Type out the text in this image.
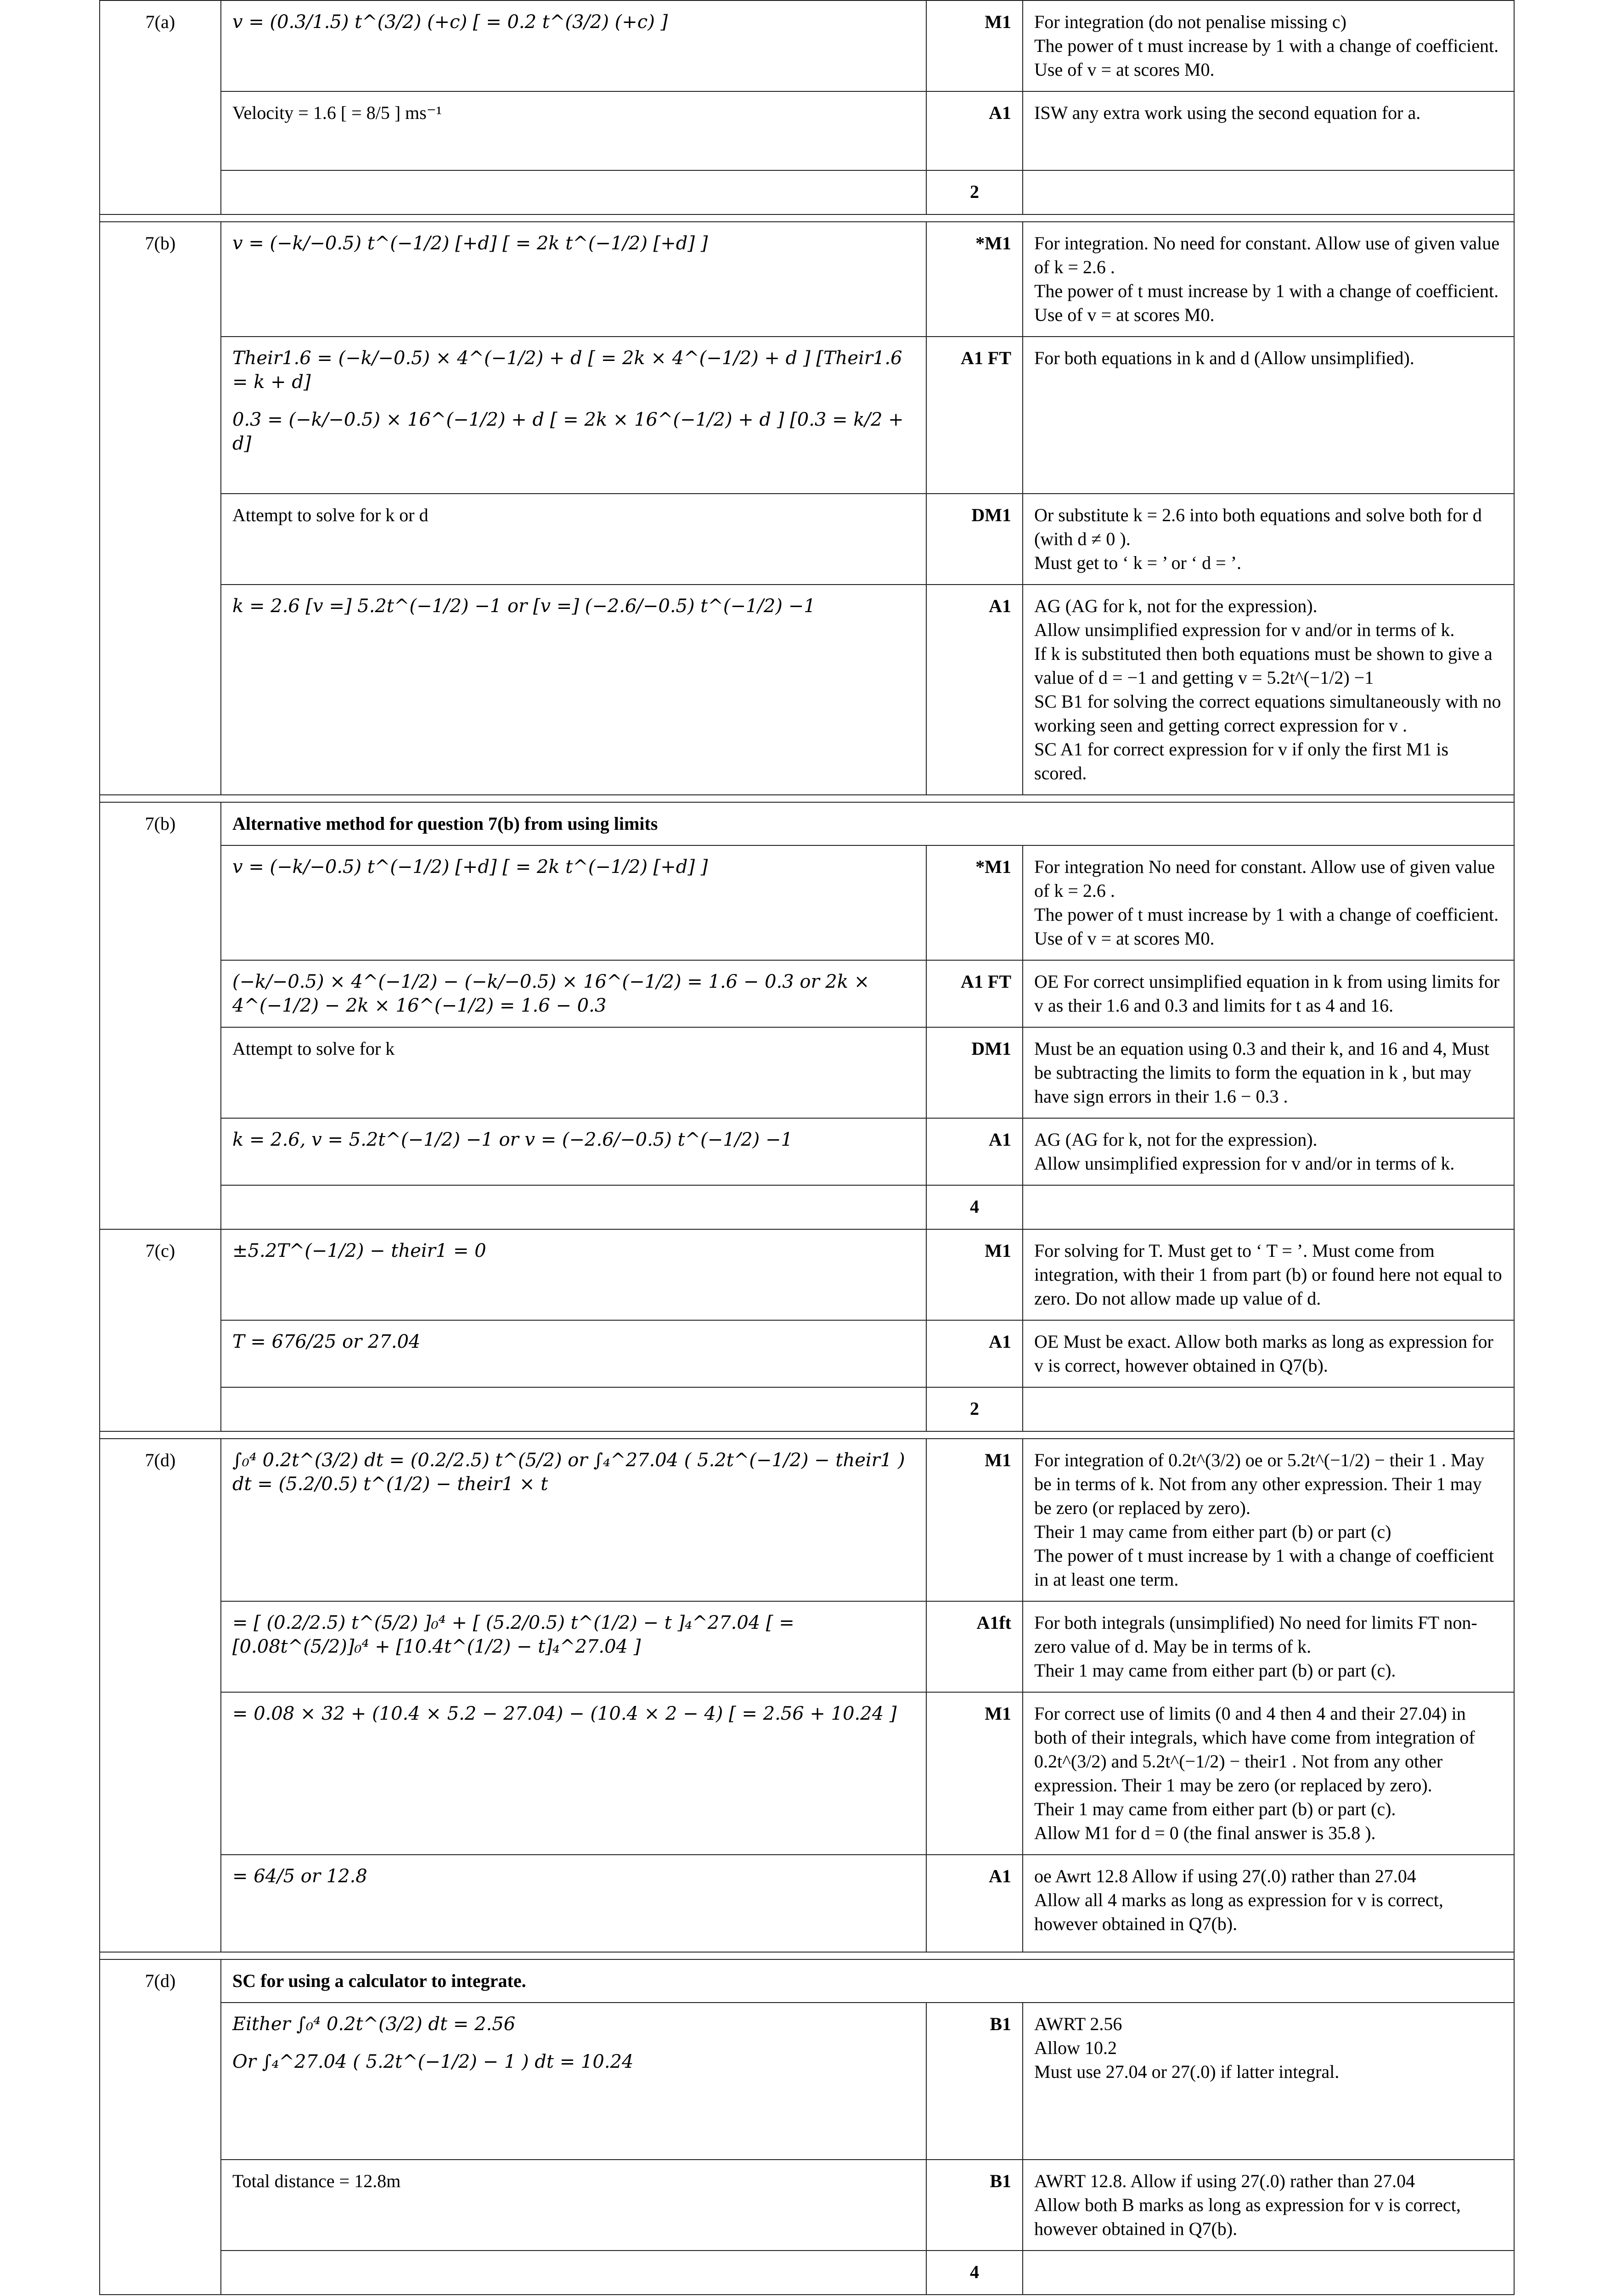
7(a)	v = (0.3/1.5) t^(3/2) (+c) [ = 0.2 t^(3/2) (+c) ]	M1	For integration (do not penalise missing c)
The power of t must increase by 1 with a change of coefficient. Use of v = at scores M0.

	Velocity = 1.6 [ = 8/5 ] ms⁻¹	A1	ISW any extra work using the second equation for a.

		2	

7(b)	v = (−k/−0.5) t^(−1/2) [+d] [ = 2k t^(−1/2) [+d] ]	*M1	For integration. No need for constant. Allow use of given value of k = 2.6 .
The power of t must increase by 1 with a change of coefficient. Use of v = at scores M0.

	Their1.6 = (−k/−0.5) × 4^(−1/2) + d [ = 2k × 4^(−1/2) + d ] [Their1.6 = k + d]
0.3 = (−k/−0.5) × 16^(−1/2) + d [ = 2k × 16^(−1/2) + d ] [0.3 = k/2 + d]	A1 FT	For both equations in k and d (Allow unsimplified).

	Attempt to solve for k or d	DM1	Or substitute k = 2.6 into both equations and solve both for d (with d ≠ 0 ).
Must get to ‘ k = ’ or ‘ d = ’.

	k = 2.6 [v =] 5.2t^(−1/2) −1 or [v =] (−2.6/−0.5) t^(−1/2) −1	A1	AG (AG for k, not for the expression).
Allow unsimplified expression for v and/or in terms of k.
If k is substituted then both equations must be shown to give a value of d = −1 and getting v = 5.2t^(−1/2) −1
SC B1 for solving the correct equations simultaneously with no working seen and getting correct expression for v .
SC A1 for correct expression for v if only the first M1 is scored.

7(b)	Alternative method for question 7(b) from using limits		

	v = (−k/−0.5) t^(−1/2) [+d] [ = 2k t^(−1/2) [+d] ]	*M1	For integration No need for constant. Allow use of given value of k = 2.6 .
The power of t must increase by 1 with a change of coefficient. Use of v = at scores M0.

	(−k/−0.5) × 4^(−1/2) − (−k/−0.5) × 16^(−1/2) = 1.6 − 0.3 or 2k × 4^(−1/2) − 2k × 16^(−1/2) = 1.6 − 0.3	A1 FT	OE For correct unsimplified equation in k from using limits for v as their 1.6 and 0.3 and limits for t as 4 and 16.

	Attempt to solve for k	DM1	Must be an equation using 0.3 and their k, and 16 and 4, Must be subtracting the limits to form the equation in k , but may have sign errors in their 1.6 − 0.3 .

	k = 2.6, v = 5.2t^(−1/2) −1 or v = (−2.6/−0.5) t^(−1/2) −1	A1	AG (AG for k, not for the expression).
Allow unsimplified expression for v and/or in terms of k.

		4	
7(c)	±5.2T^(−1/2) − their1 = 0	M1	For solving for T. Must get to ‘ T = ’. Must come from integration, with their 1 from part (b) or found here not equal to zero. Do not allow made up value of d.

	T = 676/25 or 27.04	A1	OE Must be exact. Allow both marks as long as expression for v is correct, however obtained in Q7(b).

		2	

7(d)	∫₀⁴ 0.2t^(3/2) dt = (0.2/2.5) t^(5/2) or ∫₄^27.04 ( 5.2t^(−1/2) − their1 ) dt = (5.2/0.5) t^(1/2) − their1 × t	M1	For integration of 0.2t^(3/2) oe or 5.2t^(−1/2) − their 1 . May be in terms of k. Not from any other expression. Their 1 may be zero (or replaced by zero).
Their 1 may came from either part (b) or part (c)
The power of t must increase by 1 with a change of coefficient in at least one term.

	= [ (0.2/2.5) t^(5/2) ]₀⁴ + [ (5.2/0.5) t^(1/2) − t ]₄^27.04 [ = [0.08t^(5/2)]₀⁴ + [10.4t^(1/2) − t]₄^27.04 ]	A1ft	For both integrals (unsimplified) No need for limits FT non-zero value of d. May be in terms of k.
Their 1 may came from either part (b) or part (c).

	= 0.08 × 32 + (10.4 × 5.2 − 27.04) − (10.4 × 2 − 4) [ = 2.56 + 10.24 ]	M1	For correct use of limits (0 and 4 then 4 and their 27.04) in both of their integrals, which have come from integration of 0.2t^(3/2) and 5.2t^(−1/2) − their1 . Not from any other expression. Their 1 may be zero (or replaced by zero).
Their 1 may came from either part (b) or part (c).
Allow M1 for d = 0 (the final answer is 35.8 ).

	= 64/5 or 12.8	A1	oe Awrt 12.8 Allow if using 27(.0) rather than 27.04
Allow all 4 marks as long as expression for v is correct, however obtained in Q7(b).

7(d)	SC for using a calculator to integrate.		

	Either ∫₀⁴ 0.2t^(3/2) dt = 2.56
Or ∫₄^27.04 ( 5.2t^(−1/2) − 1 ) dt = 10.24	B1	AWRT 2.56
Allow 10.2
Must use 27.04 or 27(.0) if latter integral.

	Total distance = 12.8m	B1	AWRT 12.8. Allow if using 27(.0) rather than 27.04
Allow both B marks as long as expression for v is correct, however obtained in Q7(b).

		4	
